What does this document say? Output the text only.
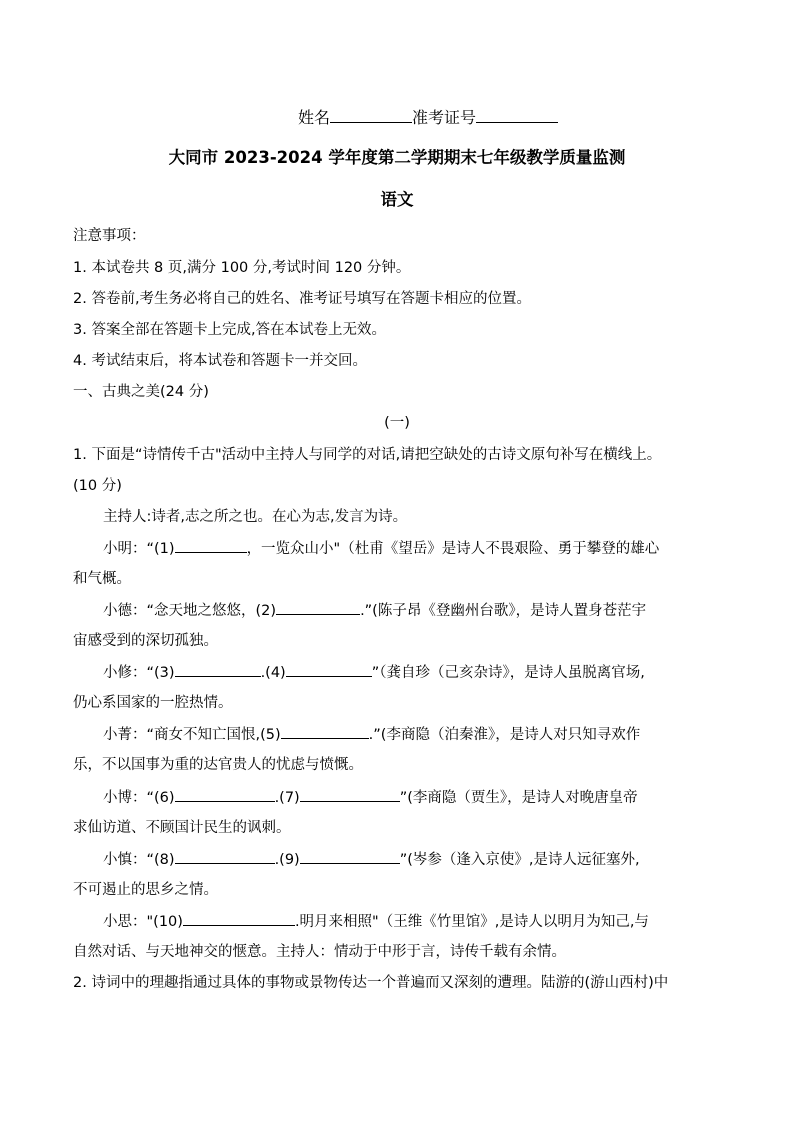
姓名	准考证号
大同市 2023-2024 学年度第二学期期末七年级教学质量监测
语文
注意事项：
1. 本试卷共 8 页,满分 100 分,考试时间 120 分钟。
2. 答卷前,考生务必将自己的姓名、准考证号填写在答题卡相应的位置。
3. 答案全部在答题卡上完成,答在本试卷上无效。
4. 考试结束后，将本试卷和答题卡一并交回。
一、古典之美(24 分)
(一)
1. 下面是“诗情传千古"活动中主持人与同学的对话,请把空缺处的古诗文原句补写在横线上。
(10 分)
主持人:诗者,志之所之也。在心为志,发言为诗。
小明：“(1)	，一览众山小"（杜甫《望岳》是诗人不畏艰险、勇于攀登的雄心
和气概。
小德：“念天地之悠悠，(2)	.”(陈子昂《登幽州台歌》，是诗人置身苍茫宇
宙感受到的深切孤独。
小修：“(3)	.(4)	”（龚自珍（己亥杂诗》，是诗人虽脱离官场,
仍心系国家的一腔热情。
小菁：“商女不知亡国恨,(5)	.”(李商隐（泊秦淮》，是诗人对只知寻欢作
乐，不以国事为重的达官贵人的忧虑与愤慨。
小博：“(6)	.(7)	”(李商隐（贾生》，是诗人对晚唐皇帝
求仙访道、不顾国计民生的讽刺。
小慎：“(8)	.(9)	”(岑参（逢入京使》,是诗人远征塞外,
不可遏止的思乡之情。
小思："(10)	.明月来相照"（王维《竹里馆》,是诗人以明月为知己,与
自然对话、与天地神交的惬意。主持人：情动于中形于言，诗传千载有余情。
2. 诗词中的理趣指通过具体的事物或景物传达一个普遍而又深刻的遭理。陆游的(游山西村)中
